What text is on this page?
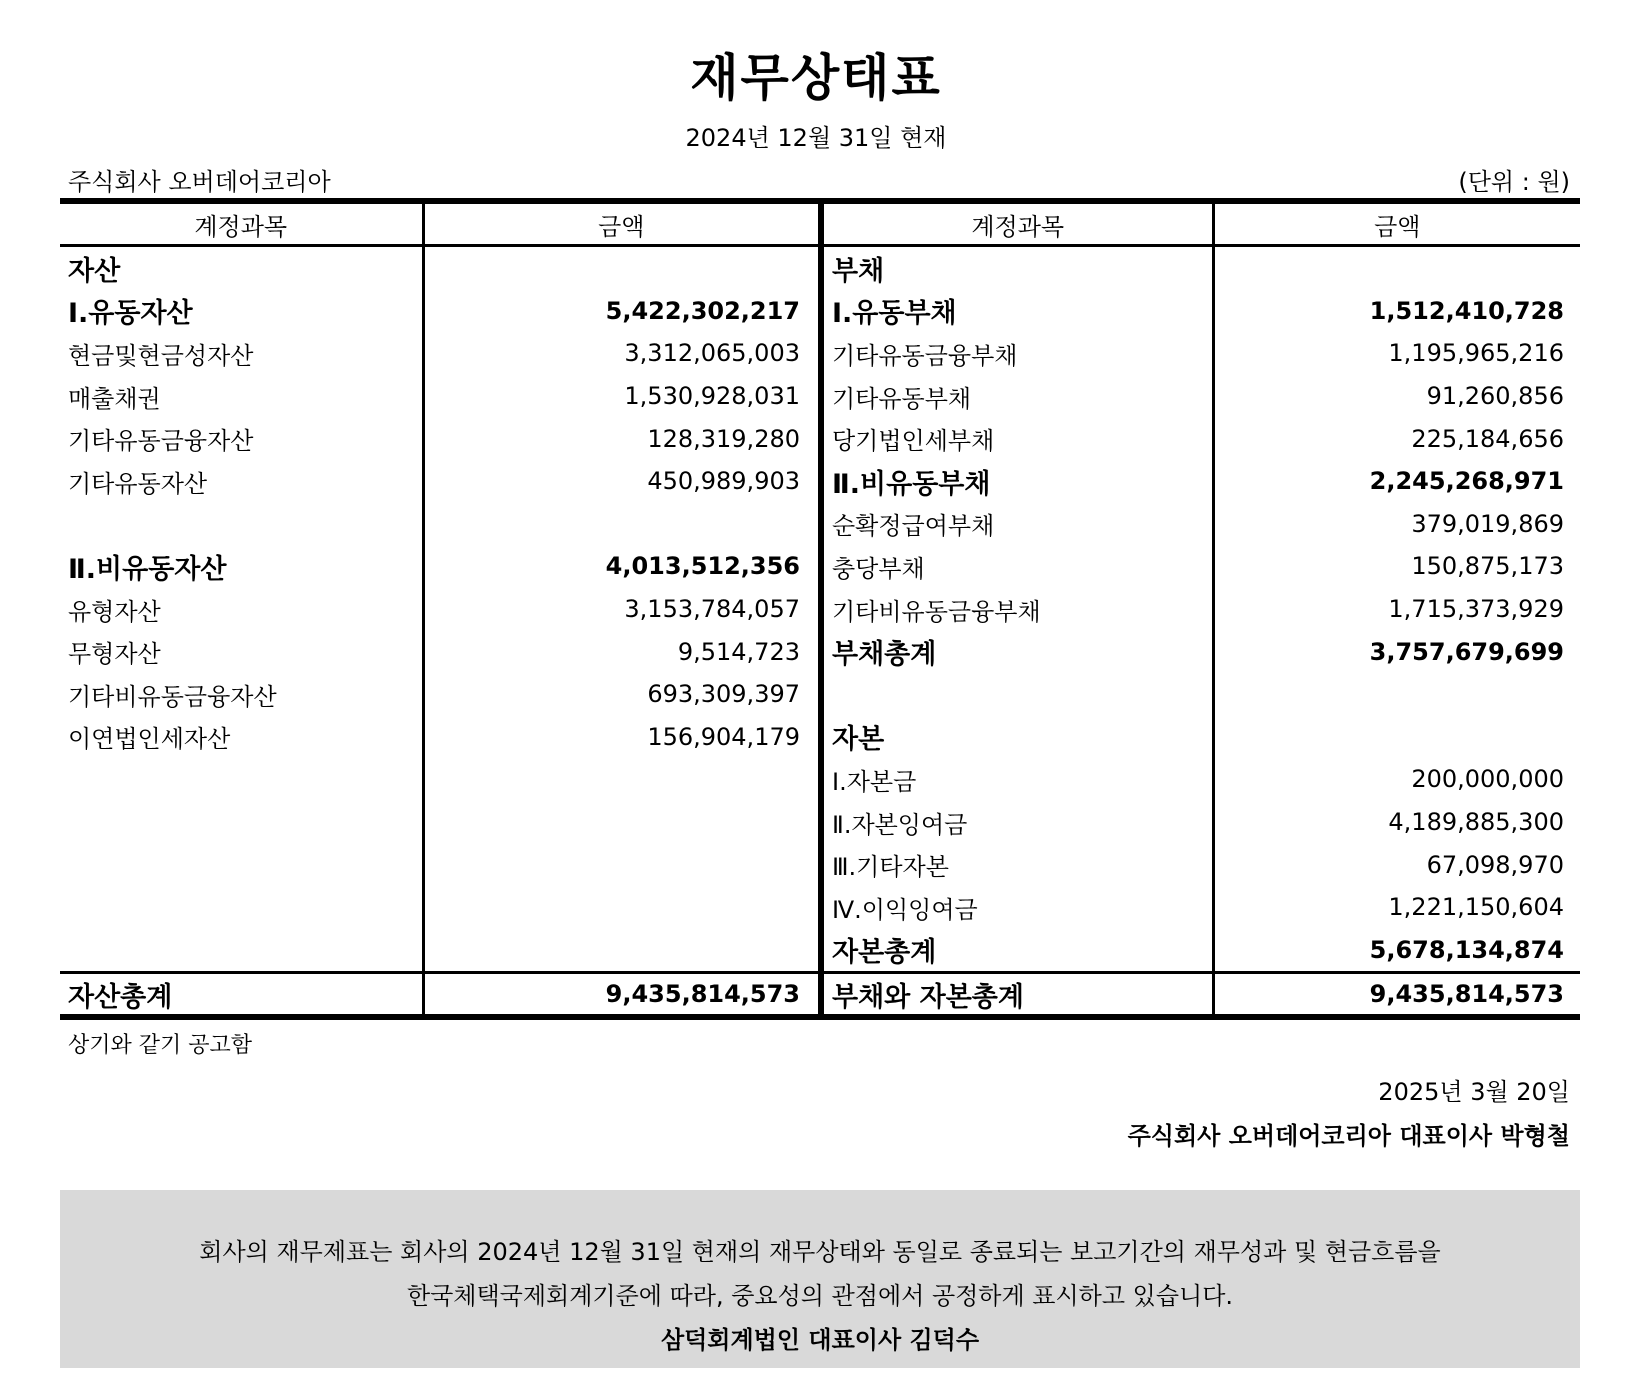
재무상태표
2024년 12월 31일 현재
주식회사 오버데어코리아	(단위 : 원)
계정과목	금액	계정과목	금액
자산		부채	
Ⅰ.유동자산	5,422,302,217	Ⅰ.유동부채	1,512,410,728
현금및현금성자산	3,312,065,003	기타유동금융부채	1,195,965,216
매출채권	1,530,928,031	기타유동부채	91,260,856
기타유동금융자산	128,319,280	당기법인세부채	225,184,656
기타유동자산	450,989,903	Ⅱ.비유동부채	2,245,268,971
		순확정급여부채	379,019,869
Ⅱ.비유동자산	4,013,512,356	충당부채	150,875,173
유형자산	3,153,784,057	기타비유동금융부채	1,715,373,929
무형자산	9,514,723	부채총계	3,757,679,699
기타비유동금융자산	693,309,397		
이연법인세자산	156,904,179	자본	
		Ⅰ.자본금	200,000,000
		Ⅱ.자본잉여금	4,189,885,300
		Ⅲ.기타자본	67,098,970
		Ⅳ.이익잉여금	1,221,150,604
		자본총계	5,678,134,874
자산총계	9,435,814,573	부채와 자본총계	9,435,814,573
상기와 같기 공고함
2025년 3월 20일
주식회사 오버데어코리아 대표이사 박형철
회사의 재무제표는 회사의 2024년 12월 31일 현재의 재무상태와 동일로 종료되는 보고기간의 재무성과 및 현금흐름을
한국체택국제회계기준에 따라, 중요성의 관점에서 공정하게 표시하고 있습니다.
삼덕회계법인 대표이사 김덕수
